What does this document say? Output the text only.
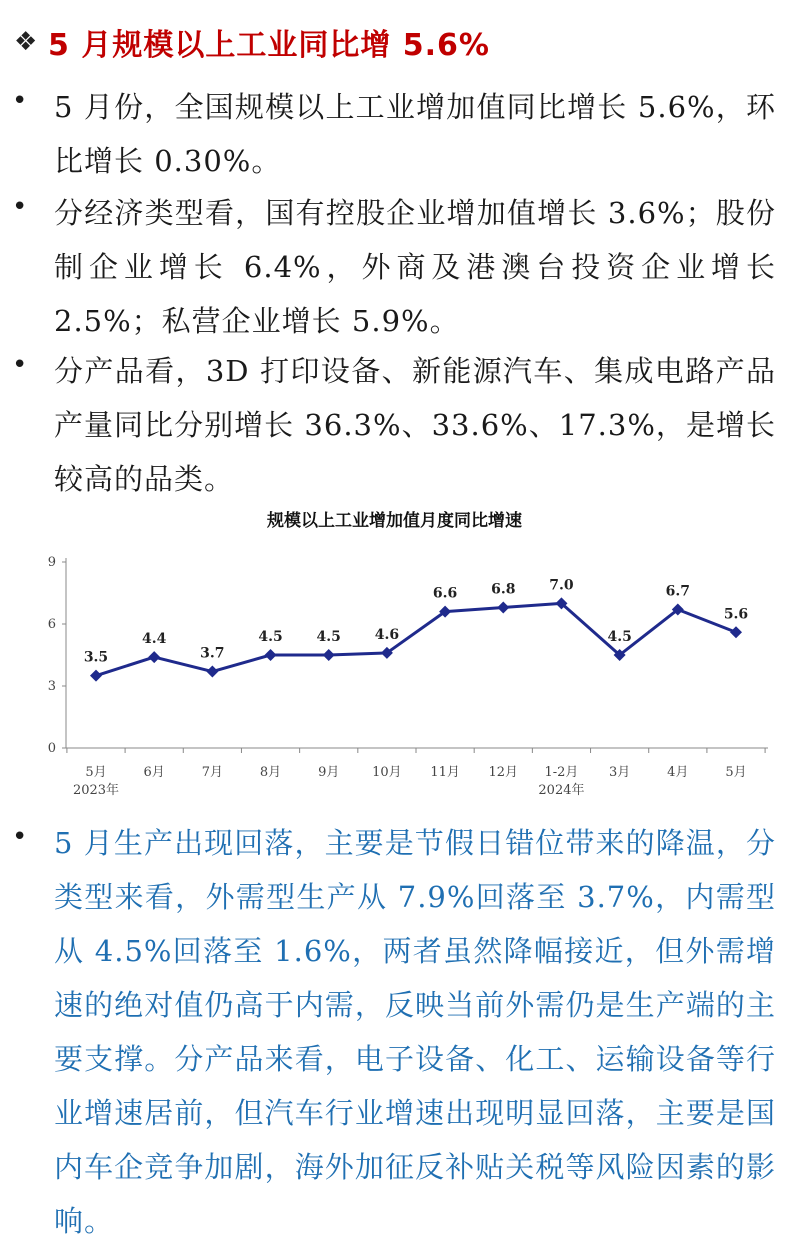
❖ 5 月规模以上工业同比增 5.6%
• 5 月份，全国规模以上工业增加值同比增长 5.6%，环比增长 0.30%。
• 分经济类型看，国有控股企业增加值增长 3.6%；股份制企业增长 6.4%，外商及港澳台投资企业增长 2.5%；私营企业增长 5.9%。
• 分产品看，3D 打印设备、新能源汽车、集成电路产品产量同比分别增长 36.3%、33.6%、17.3%，是增长较高的品类。
规模以上工业增加值月度同比增速
0
3
6
9
5月	6月	7月	8月	9月	10月 11月 12月 1-2月 3月	4月	5月
2023年	2024年
3.5
4.4
3.7
4.5 4.5 4.6
6.6 6.8 7.0
4.5
6.7
5.6
• 5 月生产出现回落，主要是节假日错位带来的降温，分类型来看，外需型生产从 7.9%回落至 3.7%，内需型从 4.5%回落至 1.6%，两者虽然降幅接近，但外需增速的绝对值仍高于内需，反映当前外需仍是生产端的主要支撑。分产品来看，电子设备、化工、运输设备等行业增速居前，但汽车行业增速出现明显回落，主要是国内车企竞争加剧，海外加征反补贴关税等风险因素的影响。
